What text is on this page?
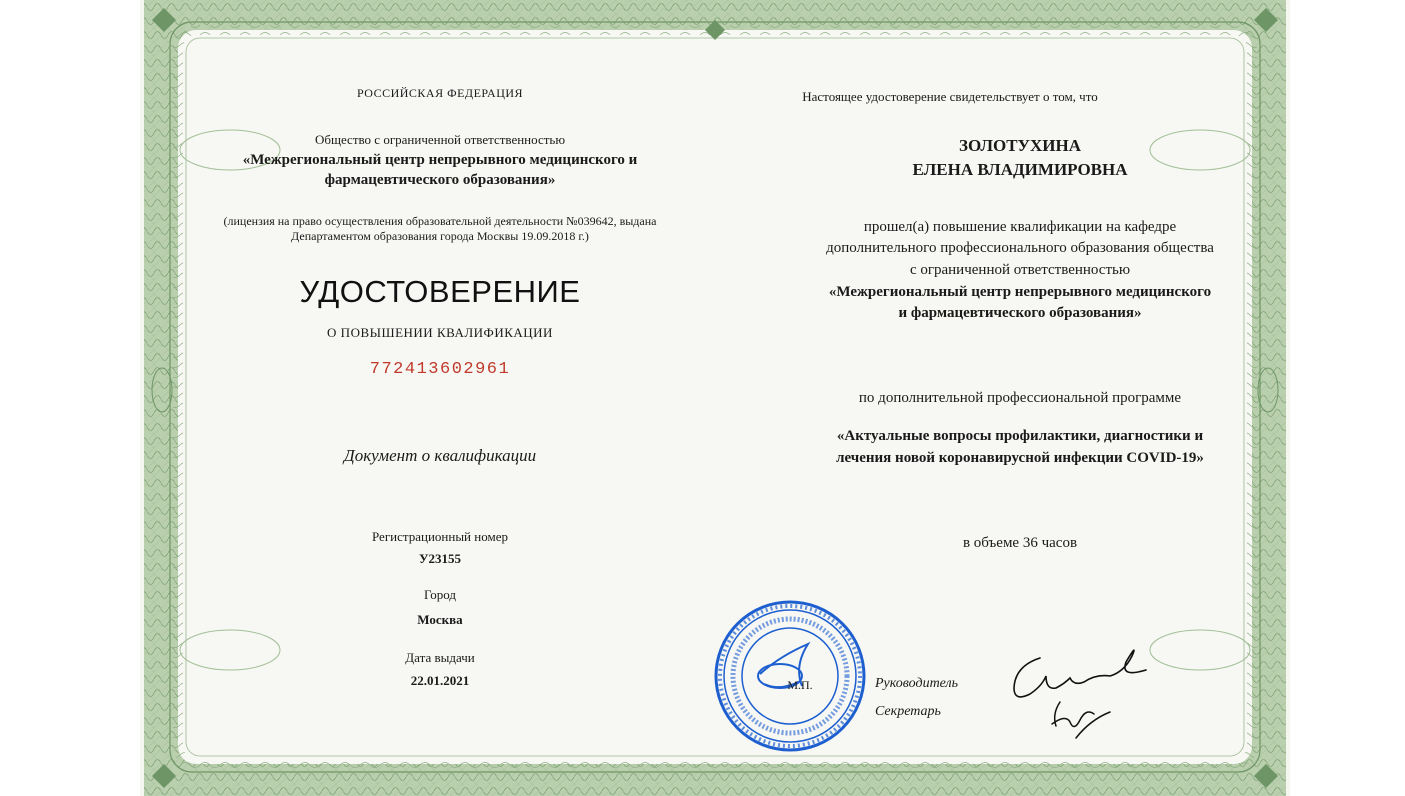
РОССИЙСКАЯ ФЕДЕРАЦИЯ
Общество с ограниченной ответственностью
«Межрегиональный центр непрерывного медицинского и
фармацевтического образования»
(лицензия на право осуществления образовательной деятельности №039642, выдана
Департаментом образования города Москвы 19.09.2018 г.)
УДОСТОВЕРЕНИЕ
О ПОВЫШЕНИИ КВАЛИФИКАЦИИ
772413602961
Документ о квалификации
Регистрационный номер
У23155
Город
Москва
Дата выдачи
22.01.2021
Настоящее удостоверение свидетельствует о том, что
ЗОЛОТУХИНА
ЕЛЕНА ВЛАДИМИРОВНА
прошел(а) повышение квалификации на кафедре
дополнительного профессионального образования общества
с ограниченной ответственностью
«Межрегиональный центр непрерывного медицинского
и фармацевтического образования»
по дополнительной профессиональной программе
«Актуальные вопросы профилактики, диагностики и
лечения новой коронавирусной инфекции COVID-19»
в объеме 36 часов
М.П.	Руководитель
Секретарь
